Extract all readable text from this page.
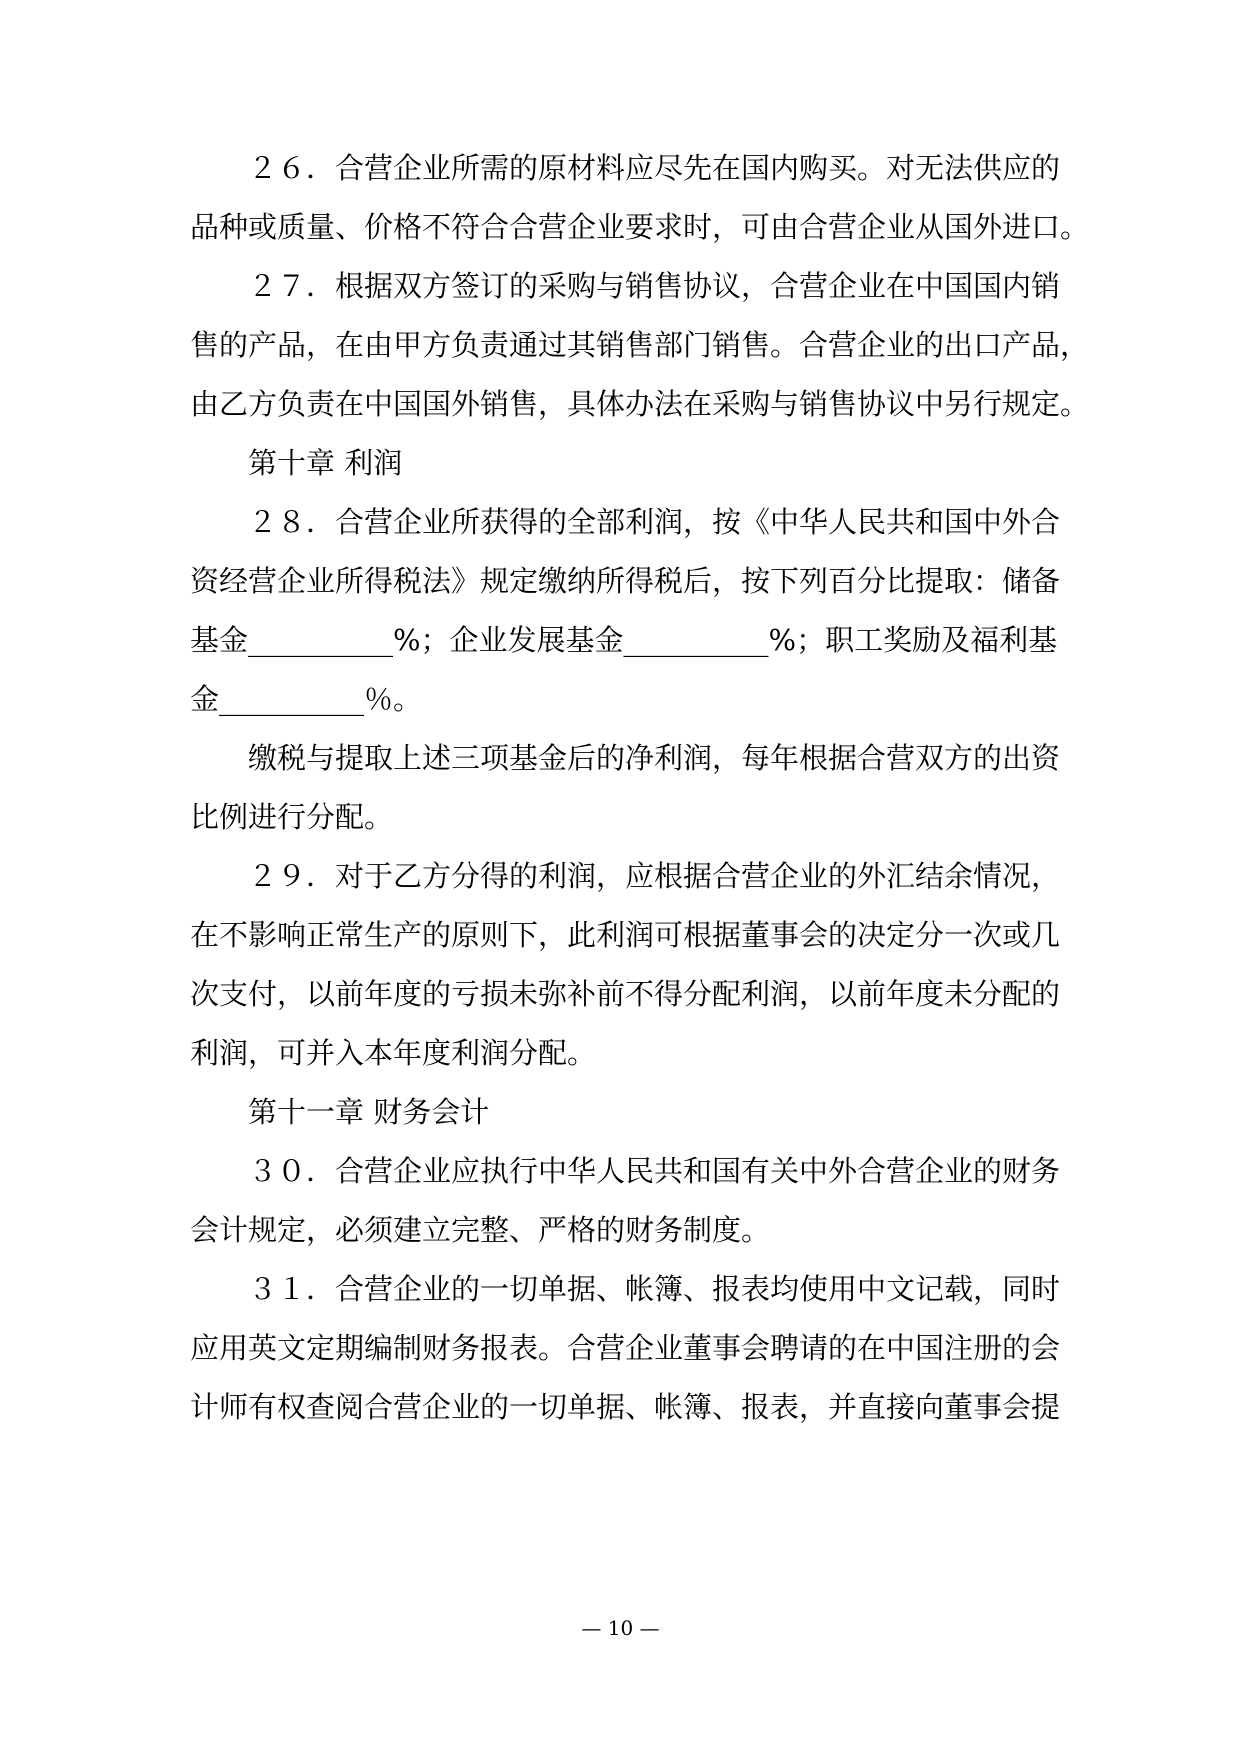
２６．合营企业所需的原材料应尽先在国内购买。对无法供应的
品种或质量、价格不符合合营企业要求时，可由合营企业从国外进口。
２７．根据双方签订的采购与销售协议，合营企业在中国国内销
售的产品，在由甲方负责通过其销售部门销售。合营企业的出口产品，
由乙方负责在中国国外销售，具体办法在采购与销售协议中另行规定。
第十章 利润
２８．合营企业所获得的全部利润，按《中华人民共和国中外合
资经营企业所得税法》规定缴纳所得税后，按下列百分比提取：储备
基金__________%；企业发展基金__________%；职工奖励及福利基
金__________％。
缴税与提取上述三项基金后的净利润，每年根据合营双方的出资
比例进行分配。
２９．对于乙方分得的利润，应根据合营企业的外汇结余情况，
在不影响正常生产的原则下，此利润可根据董事会的决定分一次或几
次支付，以前年度的亏损未弥补前不得分配利润，以前年度未分配的
利润，可并入本年度利润分配。
第十一章 财务会计
３０．合营企业应执行中华人民共和国有关中外合营企业的财务
会计规定，必须建立完整、严格的财务制度。
３１．合营企业的一切单据、帐簿、报表均使用中文记载，同时
应用英文定期编制财务报表。合营企业董事会聘请的在中国注册的会
计师有权查阅合营企业的一切单据、帐簿、报表，并直接向董事会提
— 10 —
